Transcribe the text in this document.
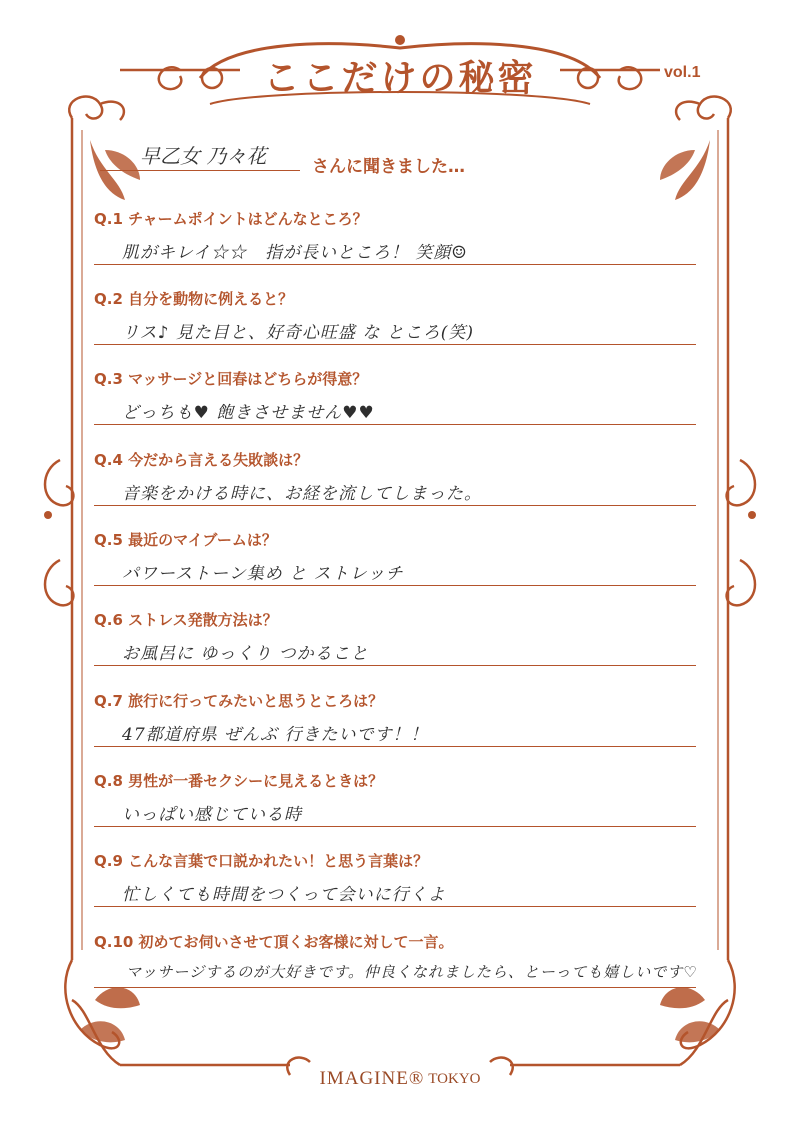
ここだけの秘密	vol.1
早乙女 乃々花	さんに聞きました…
Q.1 チャームポイントはどんなところ？
肌がキレイ☆☆　指が長いところ！ 笑顔☺
Q.2 自分を動物に例えると？
リス♪ 見た目と、好奇心旺盛 な ところ(笑)
Q.3 マッサージと回春はどちらが得意？
どっちも♥ 飽きさせません♥♥
Q.4 今だから言える失敗談は？
音楽をかける時に、お経を流してしまった。
Q.5 最近のマイブームは？
パワーストーン集め と ストレッチ
Q.6 ストレス発散方法は？
お風呂に ゆっくり つかること
Q.7 旅行に行ってみたいと思うところは？
47都道府県 ぜんぶ 行きたいです！！
Q.8 男性が一番セクシーに見えるときは？
いっぱい感じている時
Q.9 こんな言葉で口説かれたい！と思う言葉は？
忙しくても時間をつくって会いに行くよ
Q.10 初めてお伺いさせて頂くお客様に対して一言。
マッサージするのが大好きです。仲良くなれましたら、とーっても嬉しいです♡
IMAGINE® TOKYO
